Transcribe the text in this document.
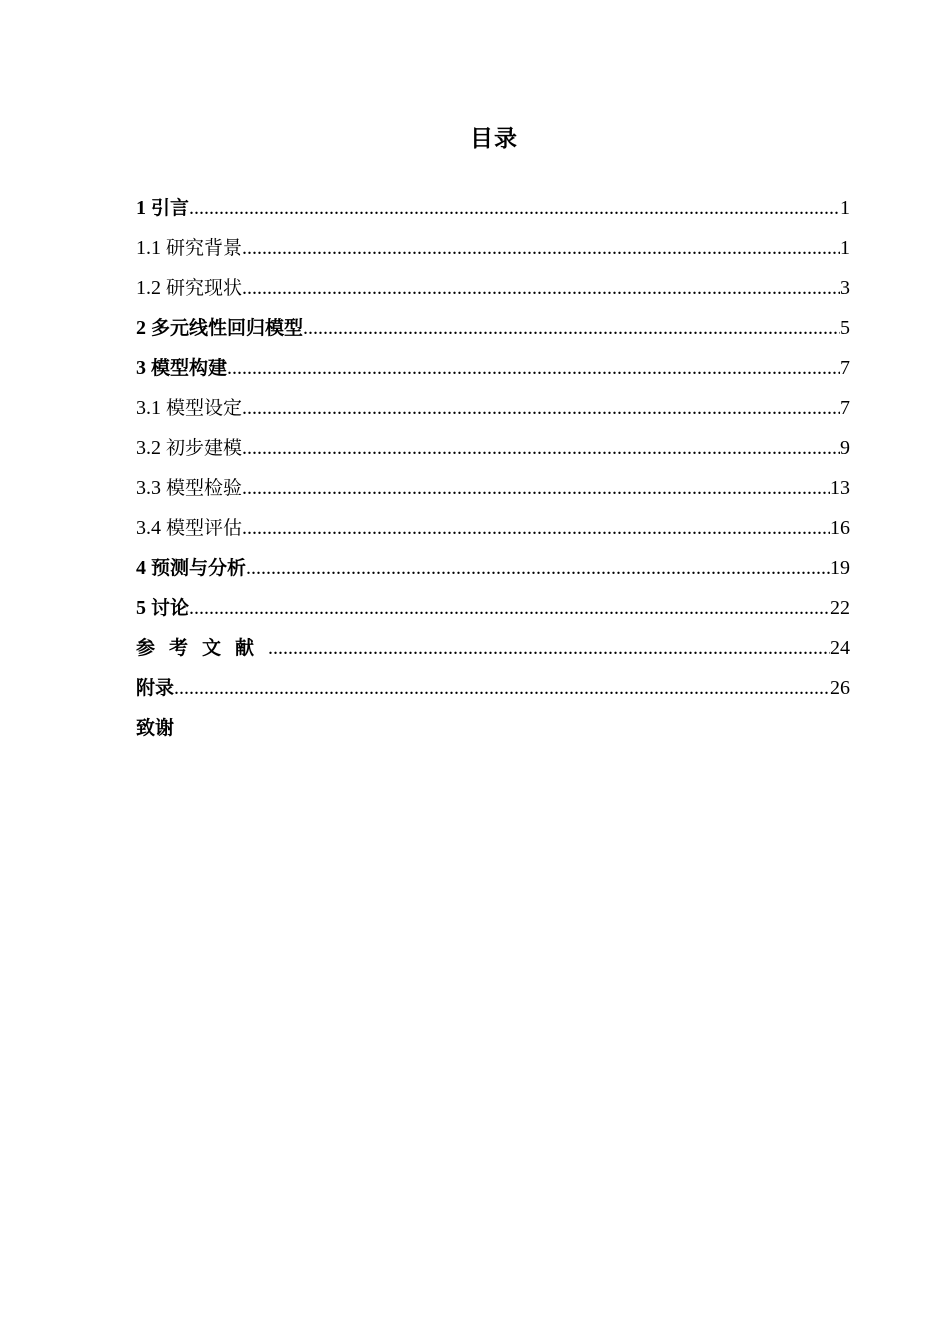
目录
1 引言 .....	1
1.1 研究背景 .....	1
1.2 研究现状 .....	3
2 多元线性回归模型 .....	5
3 模型构建 .....	7
3.1 模型设定 .....	7
3.2 初步建模 .....	9
3.3 模型检验 .....	13
3.4 模型评估 .....	16
4 预测与分析 .....	19
5 讨论 .....	22
参考文献 .....	24
附录 .....	26
致谢
